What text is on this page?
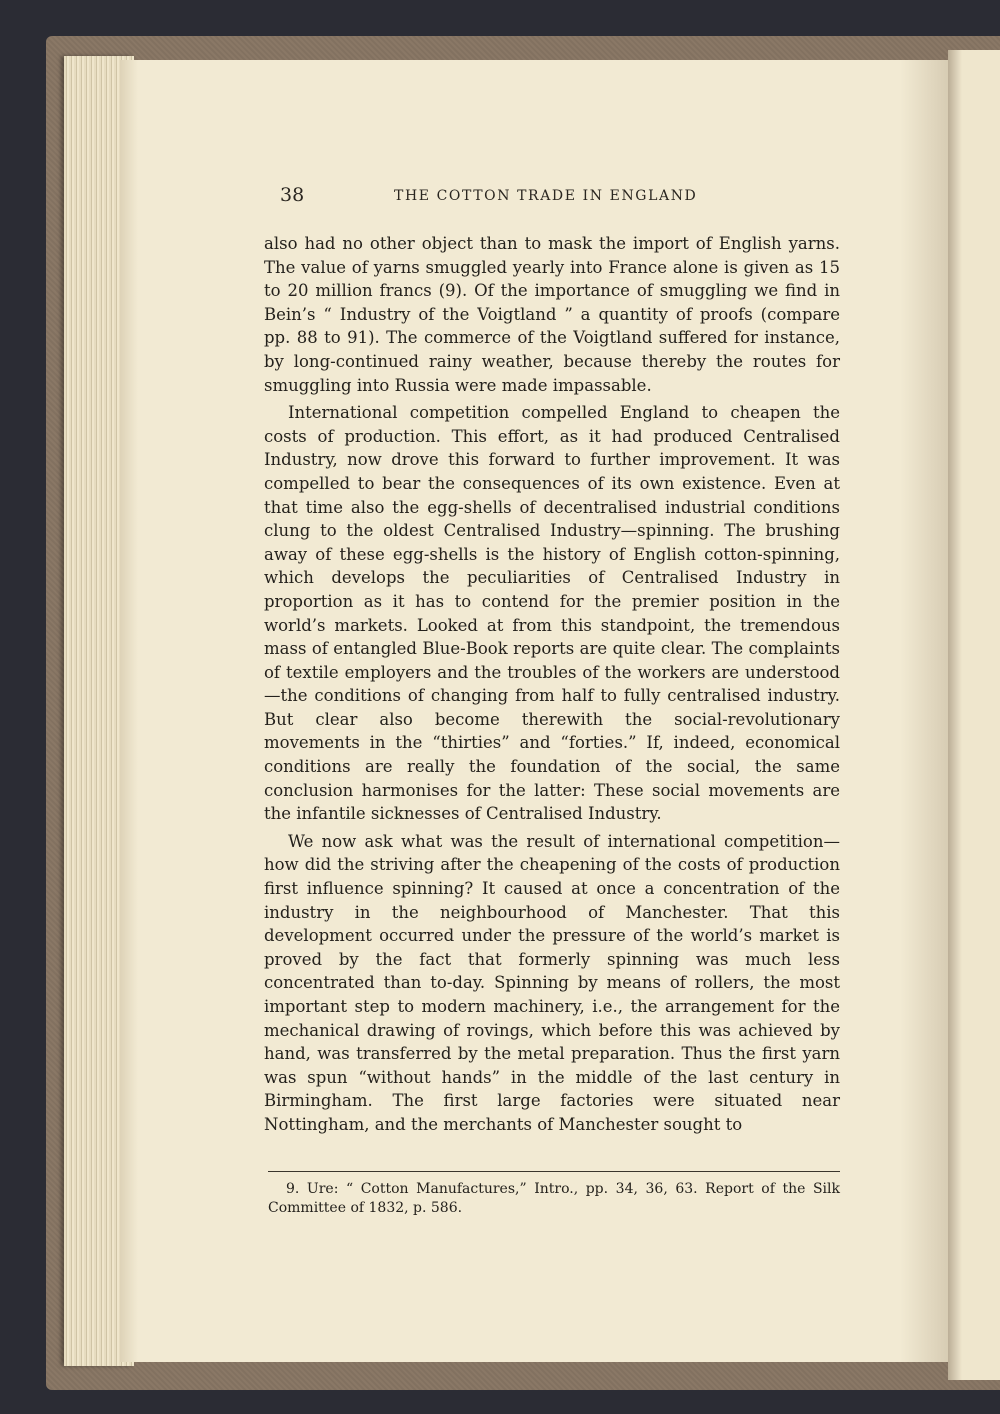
38	THE COTTON TRADE IN ENGLAND

also had no other object than to mask the import of English yarns. The value of yarns smuggled yearly into France alone is given as 15 to 20 million francs (9). Of the importance of smuggling we find in Bein’s “ Industry of the Voigtland ” a quantity of proofs (compare pp. 88 to 91). The commerce of the Voigtland suffered for instance, by long-continued rainy weather, because thereby the routes for smuggling into Russia were made impassable.

International competition compelled England to cheapen the costs of production. This effort, as it had produced Centralised Industry, now drove this forward to further improvement. It was compelled to bear the consequences of its own existence. Even at that time also the egg-shells of decentralised industrial conditions clung to the oldest Centralised Industry—spinning. The brushing away of these egg-shells is the history of English cotton-spinning, which develops the peculiarities of Centralised Industry in proportion as it has to contend for the premier position in the world’s markets. Looked at from this standpoint, the tremendous mass of entangled Blue-Book reports are quite clear. The complaints of textile employers and the troubles of the workers are understood—the conditions of changing from half to fully centralised industry. But clear also become therewith the social-revolutionary movements in the “thirties” and “forties.” If, indeed, economical conditions are really the foundation of the social, the same conclusion harmonises for the latter: These social movements are the infantile sicknesses of Centralised Industry.

We now ask what was the result of international competition—how did the striving after the cheapening of the costs of production first influence spinning? It caused at once a concentration of the industry in the neighbourhood of Manchester. That this development occurred under the pressure of the world’s market is proved by the fact that formerly spinning was much less concentrated than to-day. Spinning by means of rollers, the most important step to modern machinery, i.e., the arrangement for the mechanical drawing of rovings, which before this was achieved by hand, was transferred by the metal preparation. Thus the first yarn was spun “without hands” in the middle of the last century in Birmingham. The first large factories were situated near Nottingham, and the merchants of Manchester sought to

9. Ure: “ Cotton Manufactures,” Intro., pp. 34, 36, 63. Report of the Silk Committee of 1832, p. 586.
